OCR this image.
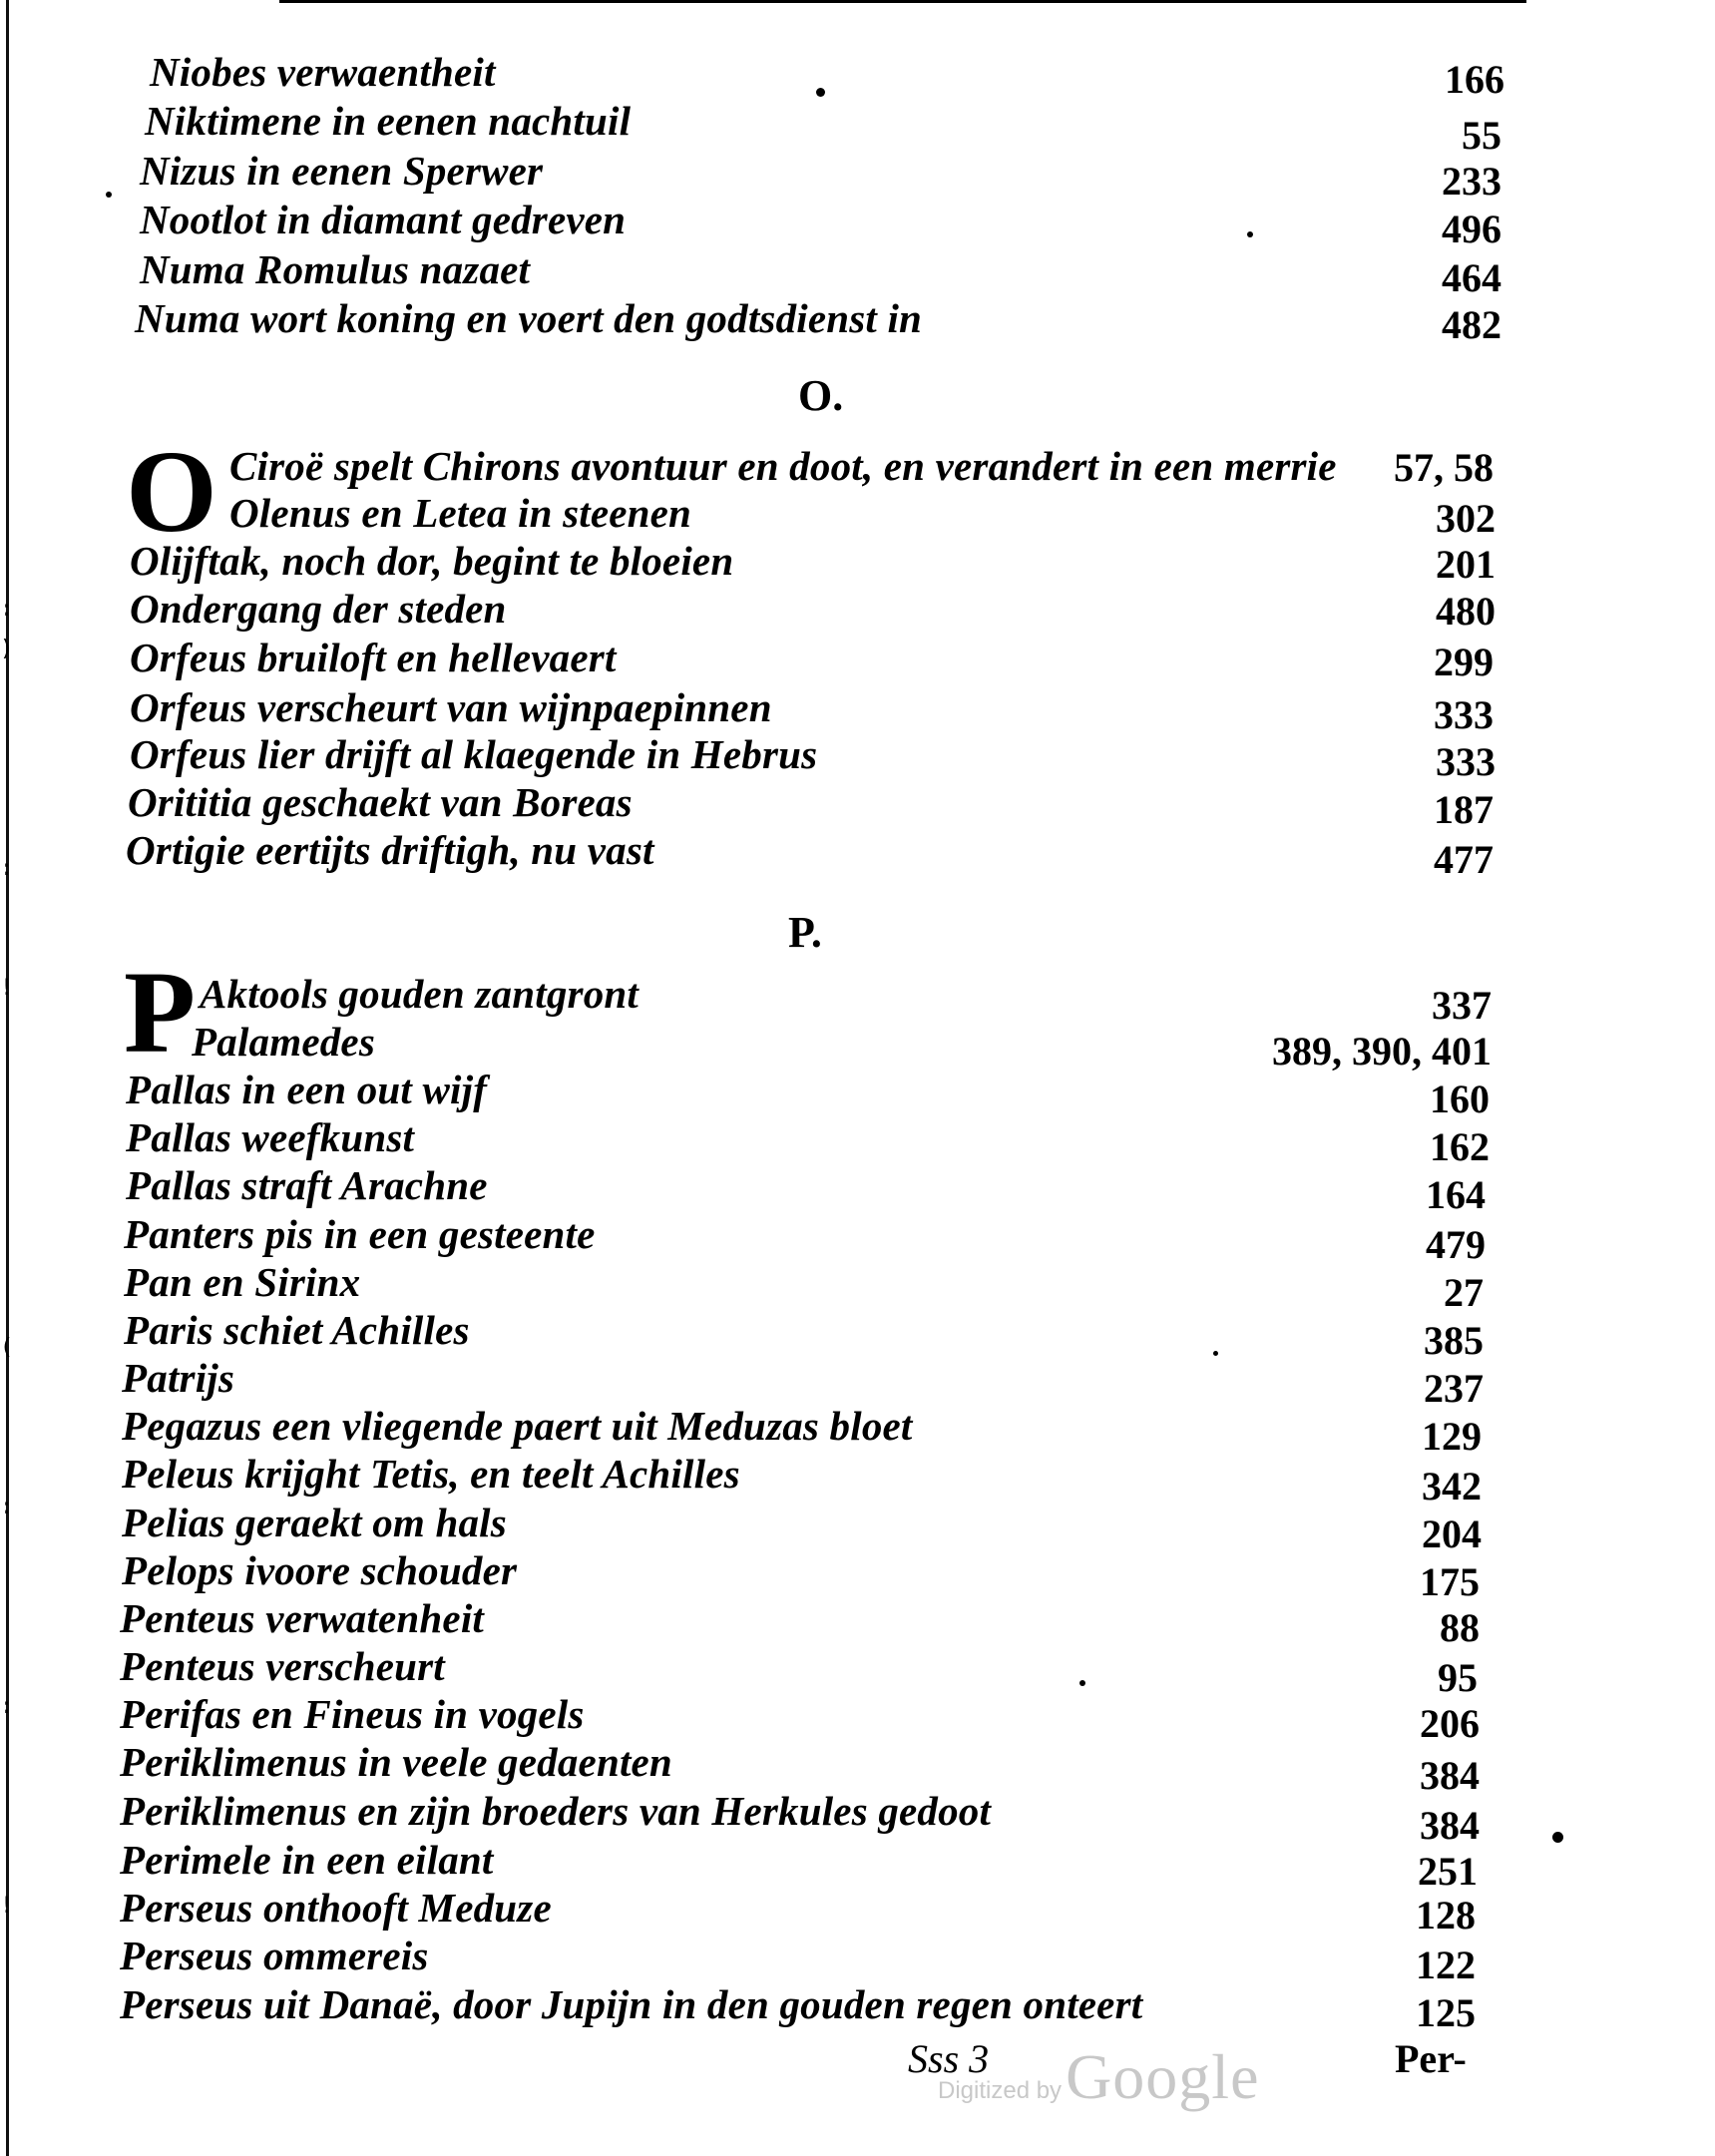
:
)
:
!
(
:
:
!
Niobes verwaentheit	166
Niktimene in eenen nachtuil	55
Nizus in eenen Sperwer	233
Nootlot in diamant gedreven	496
Numa Romulus nazaet	464
Numa wort koning en voert den godtsdienst in	482
O.
O Ciroë spelt Chirons avontuur en doot, en verandert in een merrie 57, 58
Olenus en Letea in steenen	302
Olijftak, noch dor, begint te bloeien	201
Ondergang der steden	480
Orfeus bruiloft en hellevaert	299
Orfeus verscheurt van wijnpaepinnen	333
Orfeus lier drijft al klaegende in Hebrus	333
Orititia geschaekt van Boreas	187
Ortigie eertijts driftigh, nu vast	477
P.
P Aktools gouden zantgront	337
Palamedes	389, 390, 401
Pallas in een out wijf	160
Pallas weefkunst	162
Pallas straft Arachne	164
Panters pis in een gesteente	479
Pan en Sirinx	27
Paris schiet Achilles	385
Patrijs	237
Pegazus een vliegende paert uit Meduzas bloet	129
Peleus krijght Tetis, en teelt Achilles	342
Pelias geraekt om hals	204
Pelops ivoore schouder	175
Penteus verwatenheit	88
Penteus verscheurt	95
Perifas en Fineus in vogels	206
Periklimenus in veele gedaenten	384
Periklimenus en zijn broeders van Herkules gedoot	384
Perimele in een eilant	251
Perseus onthooft Meduze	128
Perseus ommereis	122
Perseus uit Danaë, door Jupijn in den gouden regen onteert	125
Sss 3	Per-
Digitized by Google
